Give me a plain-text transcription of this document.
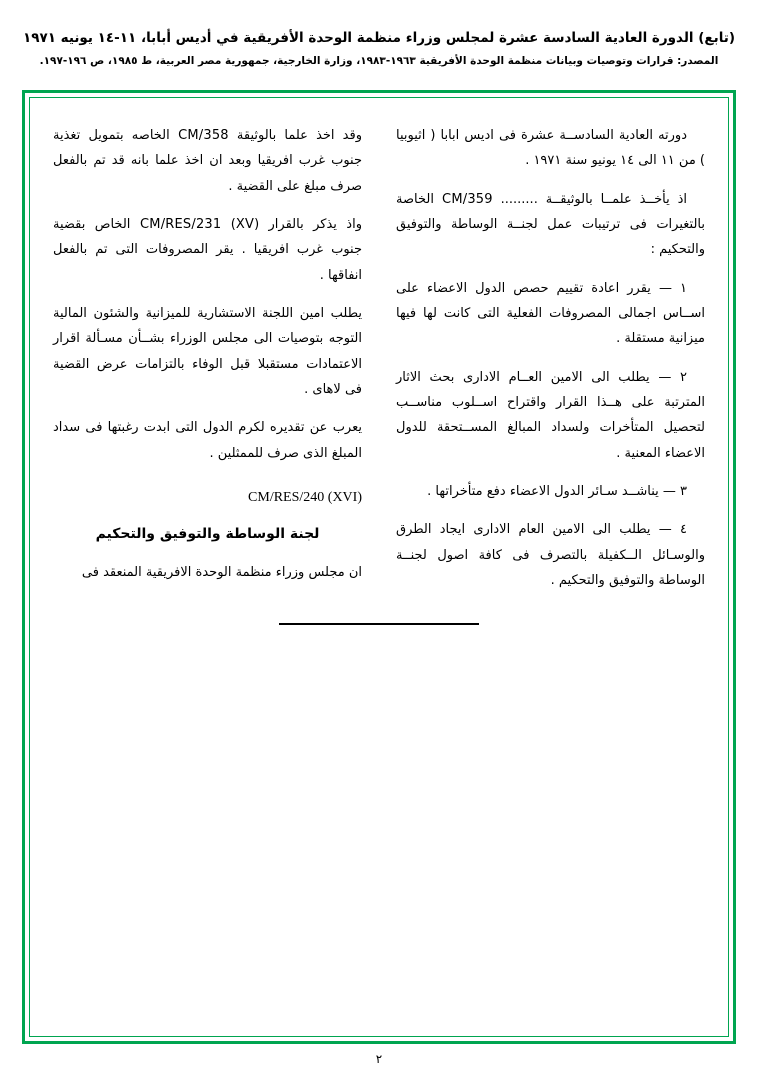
(تابع) الدورة العادية السادسة عشرة لمجلس وزراء منظمة الوحدة الأفريقية في أديس أبابا، ١١-١٤ يونيه ١٩٧١
المصدر: قرارات وتوصيات وبيانات منظمة الوحدة الأفريقية ١٩٦٣-١٩٨٣، وزارة الخارجية، جمهورية مصر العربية، ط ١٩٨٥، ص ١٩٦-١٩٧.

دورته العادية السادســة عشرة فى اديس ابابا ( اثيوبيا ) من ١١ الى ١٤ يونيو سنة ١٩٧١ .

اذ يأخــذ علمــا بالوثيقــة ......... CM/359 الخاصة بالتغيرات فى ترتيبات عمل لجنــة الوساطة والتوفيق والتحكيم :

١ — يقرر اعادة تقييم حصص الدول الاعضاء على اســاس اجمالى المصروفات الفعلية التى كانت لها فيها ميزانية مستقلة .

٢ — يطلب الى الامين العــام الادارى بحث الاثار المترتبة على هــذا القرار واقتراح اســلوب مناســب لتحصيل المتأخرات ولسداد المبالغ المســتحقة للدول الاعضاء المعنية .

٣ — يناشــد سـائر الدول الاعضاء دفع متأخراتها .

٤ — يطلب الى الامين العام الادارى ايجاد الطرق والوسـائل الــكفيلة بالتصرف فى كافة اصول لجنــة الوساطة والتوفيق والتحكيم .

وقد اخذ علما بالوثيقة CM/358 الخاصه بتمويل تغذية جنوب غرب افريقيا وبعد ان اخذ علما بانه قد تم بالفعل صرف مبلغ على القضية .

واذ يذكر بالقرار (XV) CM/RES/231 الخاص بقضية جنوب غرب افريقيا . يقر المصروفات التى تم بالفعل انفاقها .

يطلب امين اللجنة الاستشارية للميزانية والشئون المالية التوجه بتوصيات الى مجلس الوزراء بشــأن مسـألة اقرار الاعتمادات مستقبلا قبل الوفاء بالتزامات عرض القضية فى لاهاى .

يعرب عن تقديره لكرم الدول التى ابدت رغبتها فى سداد المبلغ الذى صرف للممثلين .

CM/RES/240 (XVI)
لجنة الوساطة والتوفيق والتحكيم

ان مجلس وزراء منظمة الوحدة الافريقية المنعقد فى

٢
